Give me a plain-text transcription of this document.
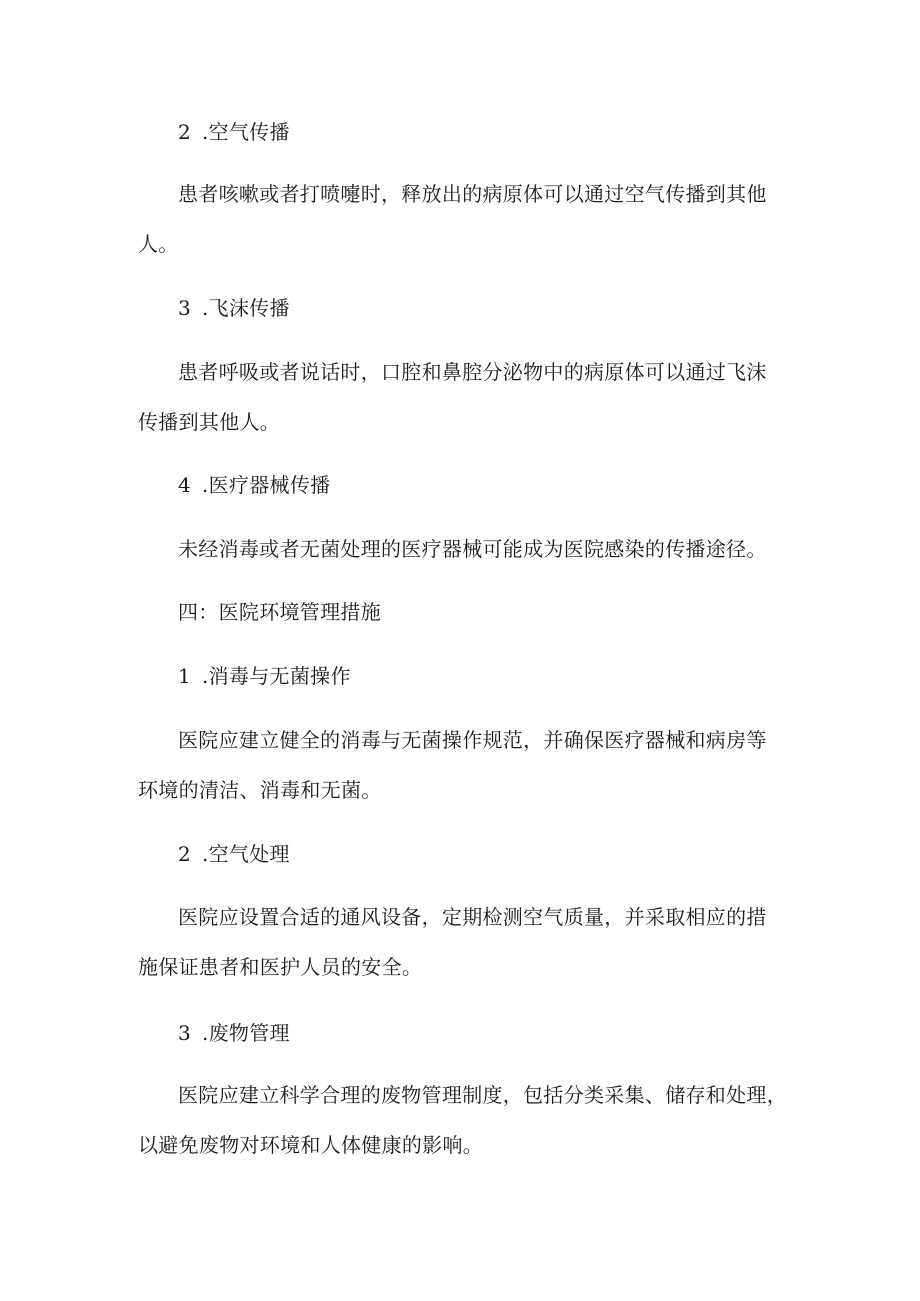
2 .空气传播
患者咳嗽或者打喷嚏时，释放出的病原体可以通过空气传播到其他
人。
3 .飞沫传播
患者呼吸或者说话时，口腔和鼻腔分泌物中的病原体可以通过飞沫
传播到其他人。
4 .医疗器械传播
未经消毒或者无菌处理的医疗器械可能成为医院感染的传播途径。
四：医院环境管理措施
1 .消毒与无菌操作
医院应建立健全的消毒与无菌操作规范，并确保医疗器械和病房等
环境的清洁、消毒和无菌。
2 .空气处理
医院应设置合适的通风设备，定期检测空气质量，并采取相应的措
施保证患者和医护人员的安全。
3 .废物管理
医院应建立科学合理的废物管理制度，包括分类采集、储存和处理，
以避免废物对环境和人体健康的影响。
